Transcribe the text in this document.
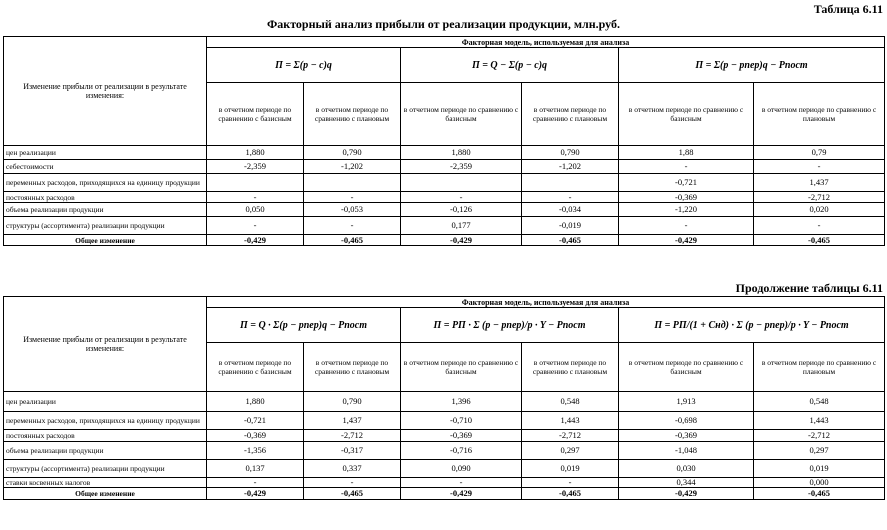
Таблица 6.11
Факторный анализ прибыли от реализации продукции, млн.руб.
Изменение прибыли от реализации в результате изменения:	Факторная модель, используемая для анализа					
	П = Σ(p − c)q		П = Q − Σ(p − c)q		П = Σ(p − pпер)q − Pпост	
	в отчетном периоде по сравнению с базисным	в отчетном периоде по сравнению с плановым	в отчетном периоде по сравнению с базисным	в отчетном периоде по сравнению с плановым	в отчетном периоде по сравнению с базисным	в отчетном периоде по сравнению с плановым
цен реализации	1,880	0,790	1,880	0,790	1,88	0,79
себестоимости	-2,359	-1,202	-2,359	-1,202	-	-
переменных расходов, приходящихся на единицу продукции					-0,721	1,437
постоянных расходов	-	-	-	-	-0,369	-2,712
объема реализации продукции	0,050	-0,053	-0,126	-0,034	-1,220	0,020
структуры (ассортимента) реализации продукции	-	-	0,177	-0,019	-	-
Общее изменение	-0,429	-0,465	-0,429	-0,465	-0,429	-0,465
Продолжение таблицы 6.11
Изменение прибыли от реализации в результате изменения:	Факторная модель, используемая для анализа					
	П = Q · Σ(p − pпер)q − Pпост		П = РП · Σ (p − pпер)/p · Y − Pпост		П = РП/(1 + Cнд) · Σ (p − pпер)/p · Y − Pпост	
	в отчетном периоде по сравнению с базисным	в отчетном периоде по сравнению с плановым	в отчетном периоде по сравнению с базисным	в отчетном периоде по сравнению с плановым	в отчетном периоде по сравнению с базисным	в отчетном периоде по сравнению с плановым
цен реализации	1,880	0,790	1,396	0,548	1,913	0,548
переменных расходов, приходящихся на единицу продукции	-0,721	1,437	-0,710	1,443	-0,698	1,443
постоянных расходов	-0,369	-2,712	-0,369	-2,712	-0,369	-2,712
объема реализации продукции	-1,356	-0,317	-0,716	0,297	-1,048	0,297
структуры (ассортимента) реализации продукции	0,137	0,337	0,090	0,019	0,030	0,019
ставки косвенных налогов	-	-	-	-	0,344	0,000
Общее изменение	-0,429	-0,465	-0,429	-0,465	-0,429	-0,465
